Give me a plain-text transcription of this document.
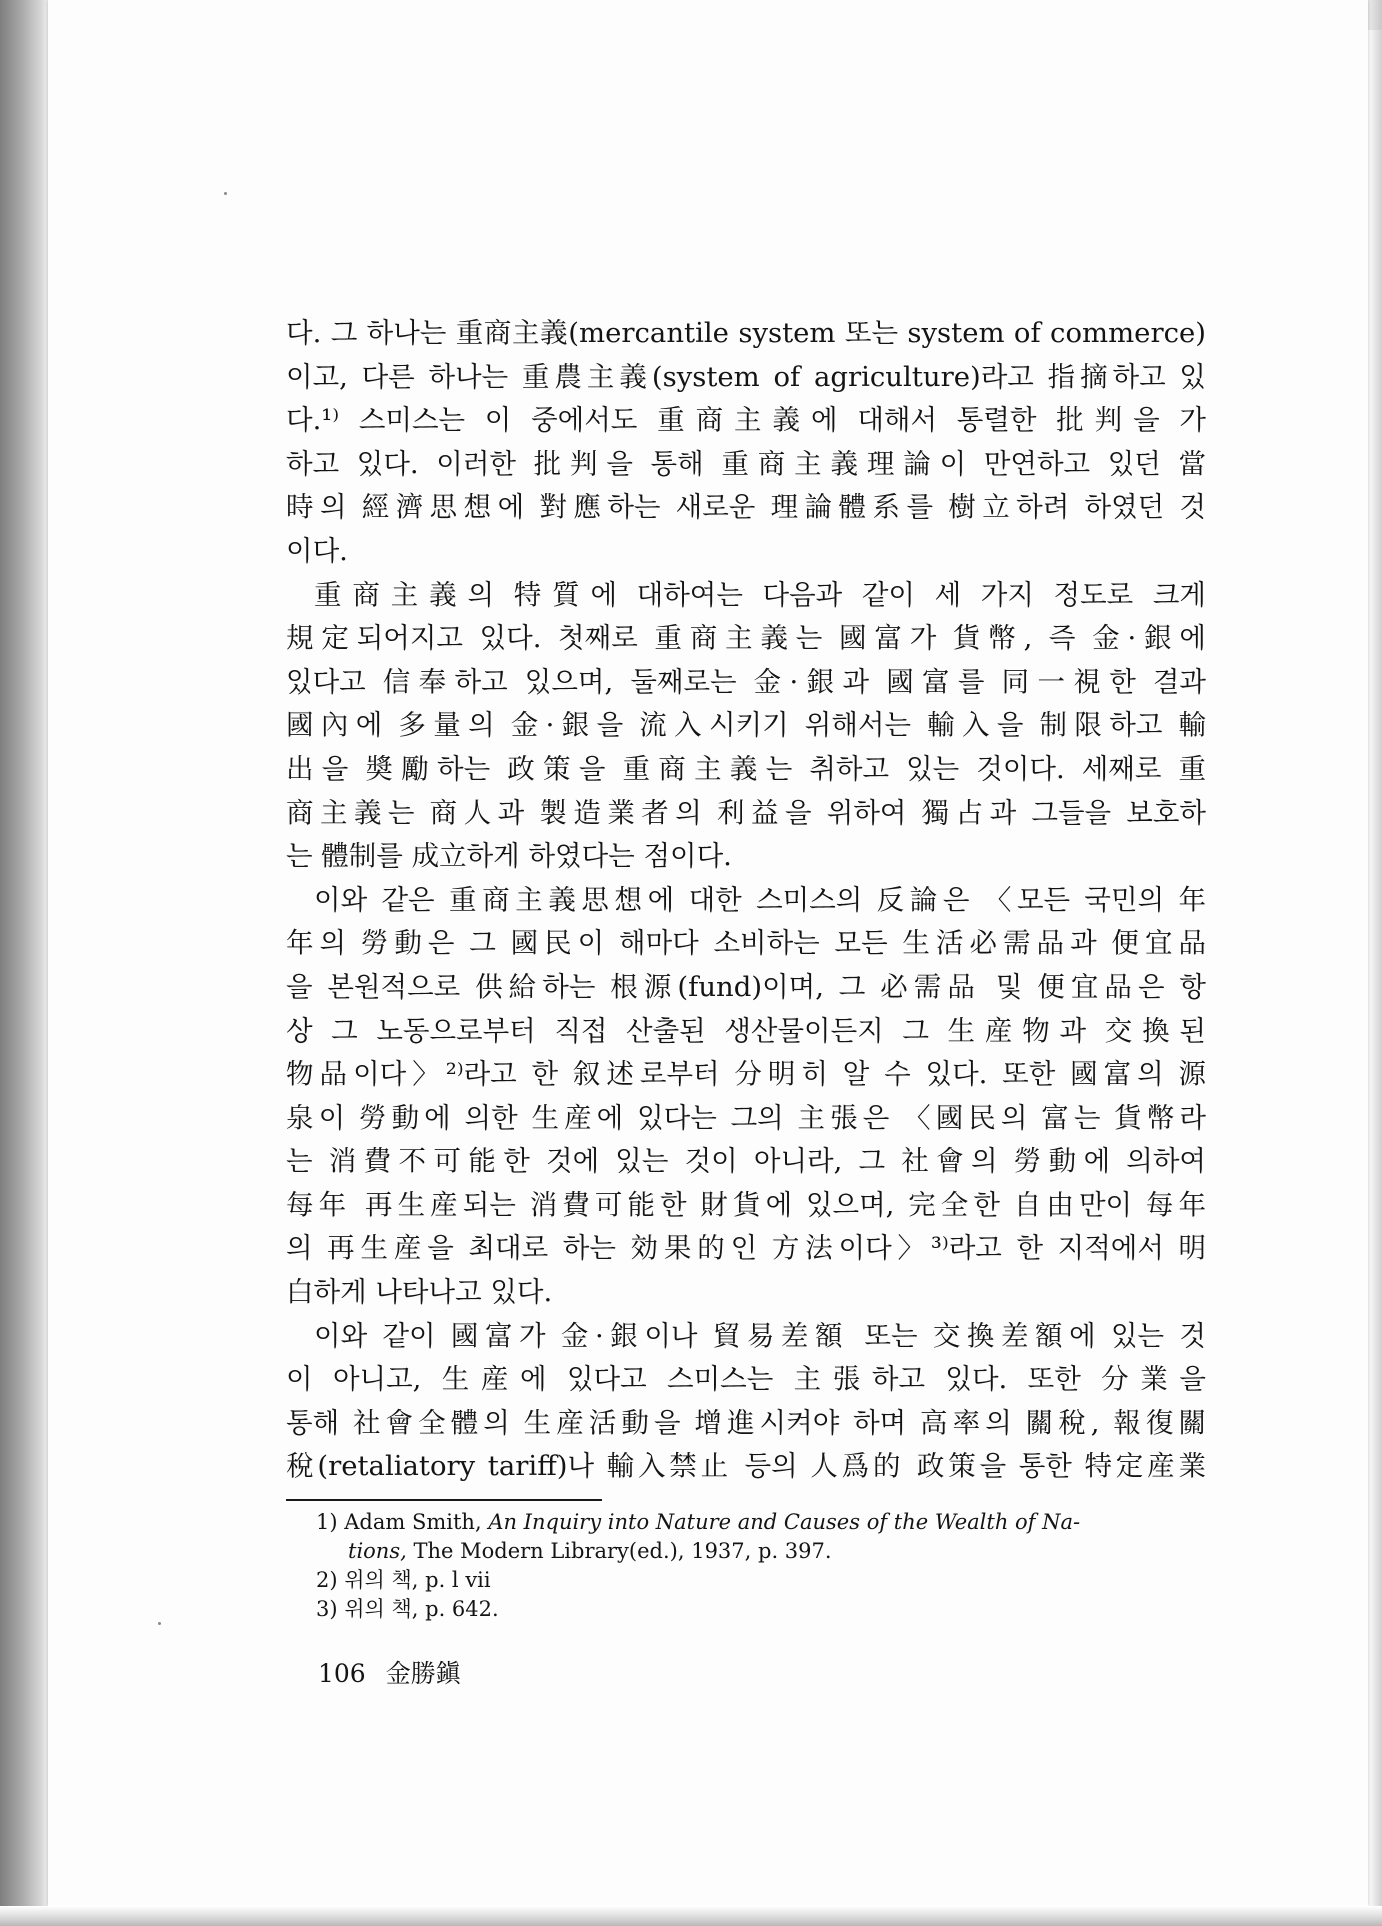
다. 그 하나는 重商主義(mercantile system 또는 system of commerce)
이고, 다른 하나는 重農主義(system of agriculture)라고 指摘하고 있
다.¹⁾ 스미스는 이 중에서도 重商主義에 대해서 통렬한 批判을 가
하고 있다. 이러한 批判을 통해 重商主義理論이 만연하고 있던 當
時의 經濟思想에 對應하는 새로운 理論體系를 樹立하려 하였던 것
이다.
重商主義의 特質에 대하여는 다음과 같이 세 가지 정도로 크게
規定되어지고 있다. 첫째로 重商主義는 國富가 貨幣, 즉 金·銀에
있다고 信奉하고 있으며, 둘째로는 金·銀과 國富를 同一視한 결과
國內에 多量의 金·銀을 流入시키기 위해서는 輸入을 制限하고 輸
出을 奬勵하는 政策을 重商主義는 취하고 있는 것이다. 세째로 重
商主義는 商人과 製造業者의 利益을 위하여 獨占과 그들을 보호하
는 體制를 成立하게 하였다는 점이다.
이와 같은 重商主義思想에 대한 스미스의 反論은 〈모든 국민의 年
年의 勞動은 그 國民이 해마다 소비하는 모든 生活必需品과 便宜品
을 본원적으로 供給하는 根源(fund)이며, 그 必需品 및 便宜品은 항
상 그 노동으로부터 직접 산출된 생산물이든지 그 生産物과 交換된
物品이다〉²⁾라고 한 叙述로부터 分明히 알 수 있다. 또한 國富의 源
泉이 勞動에 의한 生産에 있다는 그의 主張은 〈國民의 富는 貨幣라
는 消費不可能한 것에 있는 것이 아니라, 그 社會의 勞動에 의하여
每年 再生産되는 消費可能한 財貨에 있으며, 完全한 自由만이 每年
의 再生産을 최대로 하는 効果的인 方法이다〉³⁾라고 한 지적에서 明
白하게 나타나고 있다.
이와 같이 國富가 金·銀이나 貿易差額 또는 交換差額에 있는 것
이 아니고, 生産에 있다고 스미스는 主張하고 있다. 또한 分業을
통해 社會全體의 生産活動을 增進시켜야 하며 高率의 關稅, 報復關
稅(retaliatory tariff)나 輸入禁止 등의 人爲的 政策을 통한 特定産業
1) Adam Smith, An Inquiry into Nature and Causes of the Wealth of Na-
tions, The Modern Library(ed.), 1937, p. 397.
2) 위의 책, p. l vii
3) 위의 책, p. 642.
106 金勝鎭
